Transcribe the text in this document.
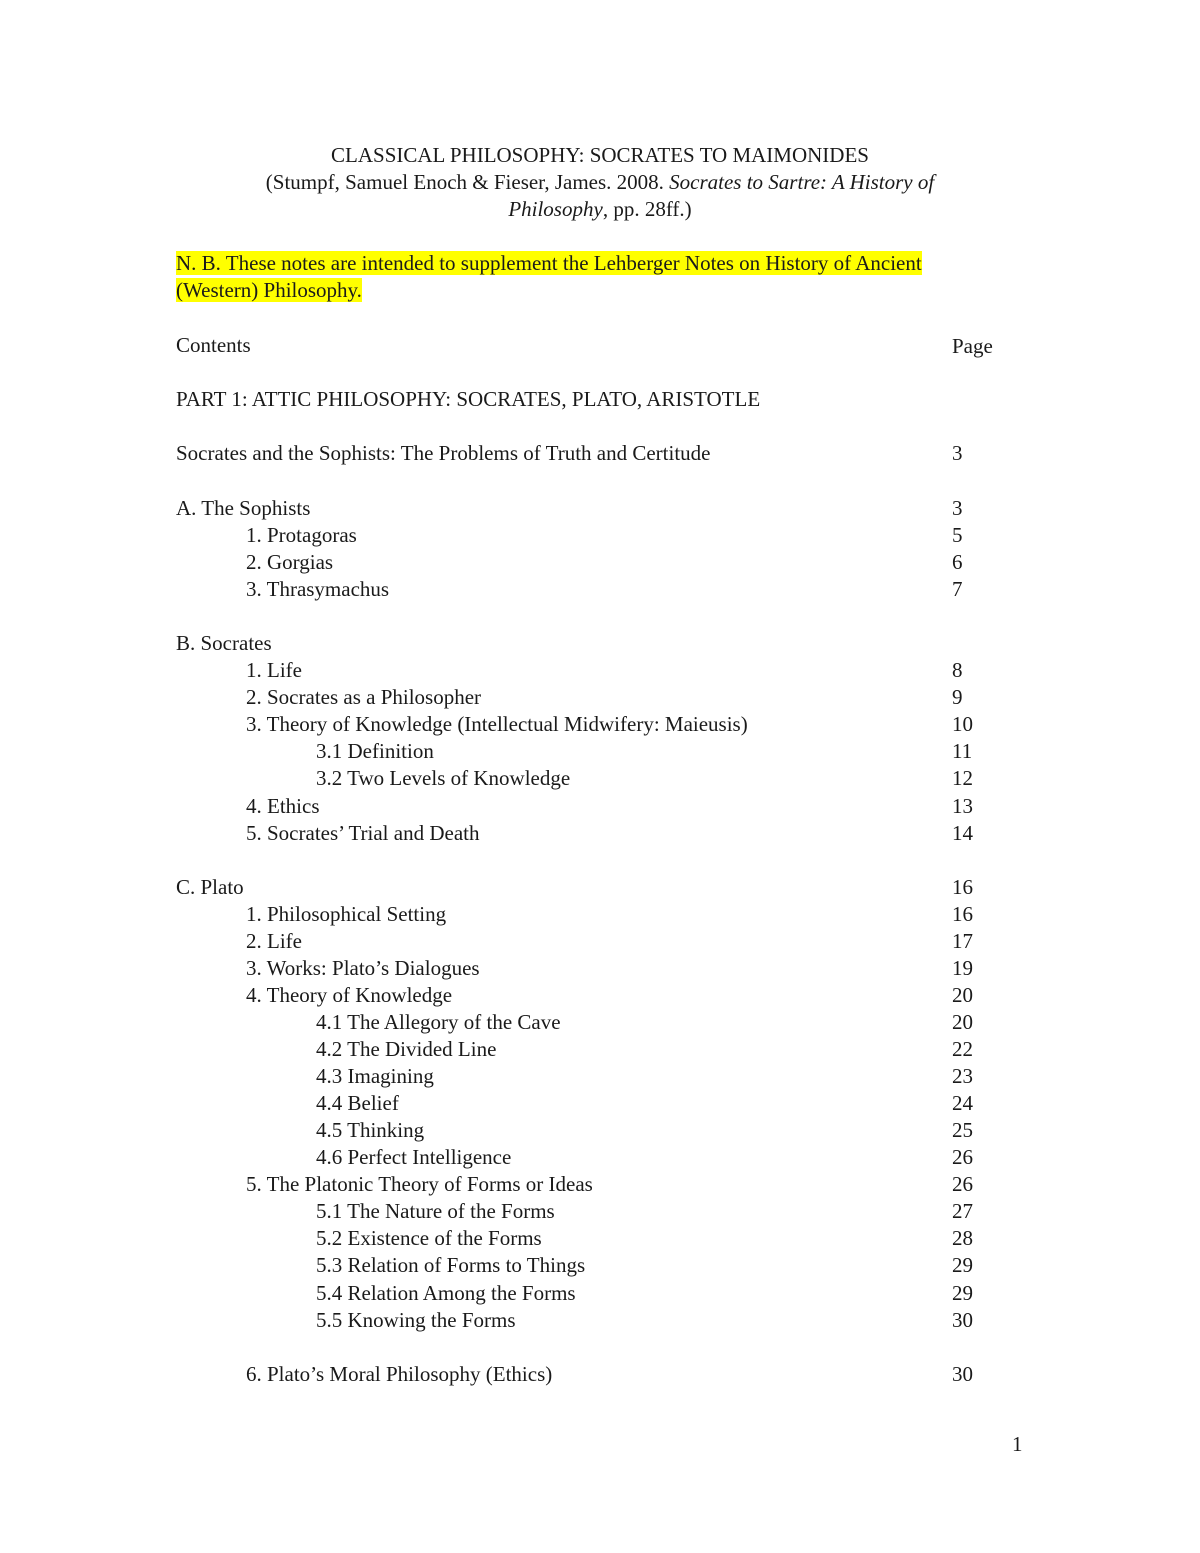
CLASSICAL PHILOSOPHY: SOCRATES TO MAIMONIDES
(Stumpf, Samuel Enoch & Fieser, James. 2008. Socrates to Sartre: A History of
Philosophy, pp. 28ff.)
N. B. These notes are intended to supplement the Lehberger Notes on History of Ancient
(Western) Philosophy.
Contents	Page
PART 1: ATTIC PHILOSOPHY: SOCRATES, PLATO, ARISTOTLE
Socrates and the Sophists: The Problems of Truth and Certitude	3
A. The Sophists	3
1. Protagoras	5
2. Gorgias	6
3. Thrasymachus	7
B. Socrates
1. Life	8
2. Socrates as a Philosopher	9
3. Theory of Knowledge (Intellectual Midwifery: Maieusis)	10
3.1 Definition	11
3.2 Two Levels of Knowledge	12
4. Ethics	13
5. Socrates’ Trial and Death	14
C. Plato	16
1. Philosophical Setting	16
2. Life	17
3. Works: Plato’s Dialogues	19
4. Theory of Knowledge	20
4.1 The Allegory of the Cave	20
4.2 The Divided Line	22
4.3 Imagining	23
4.4 Belief	24
4.5 Thinking	25
4.6 Perfect Intelligence	26
5. The Platonic Theory of Forms or Ideas	26
5.1 The Nature of the Forms	27
5.2 Existence of the Forms	28
5.3 Relation of Forms to Things	29
5.4 Relation Among the Forms	29
5.5 Knowing the Forms	30
6. Plato’s Moral Philosophy (Ethics)	30
1
